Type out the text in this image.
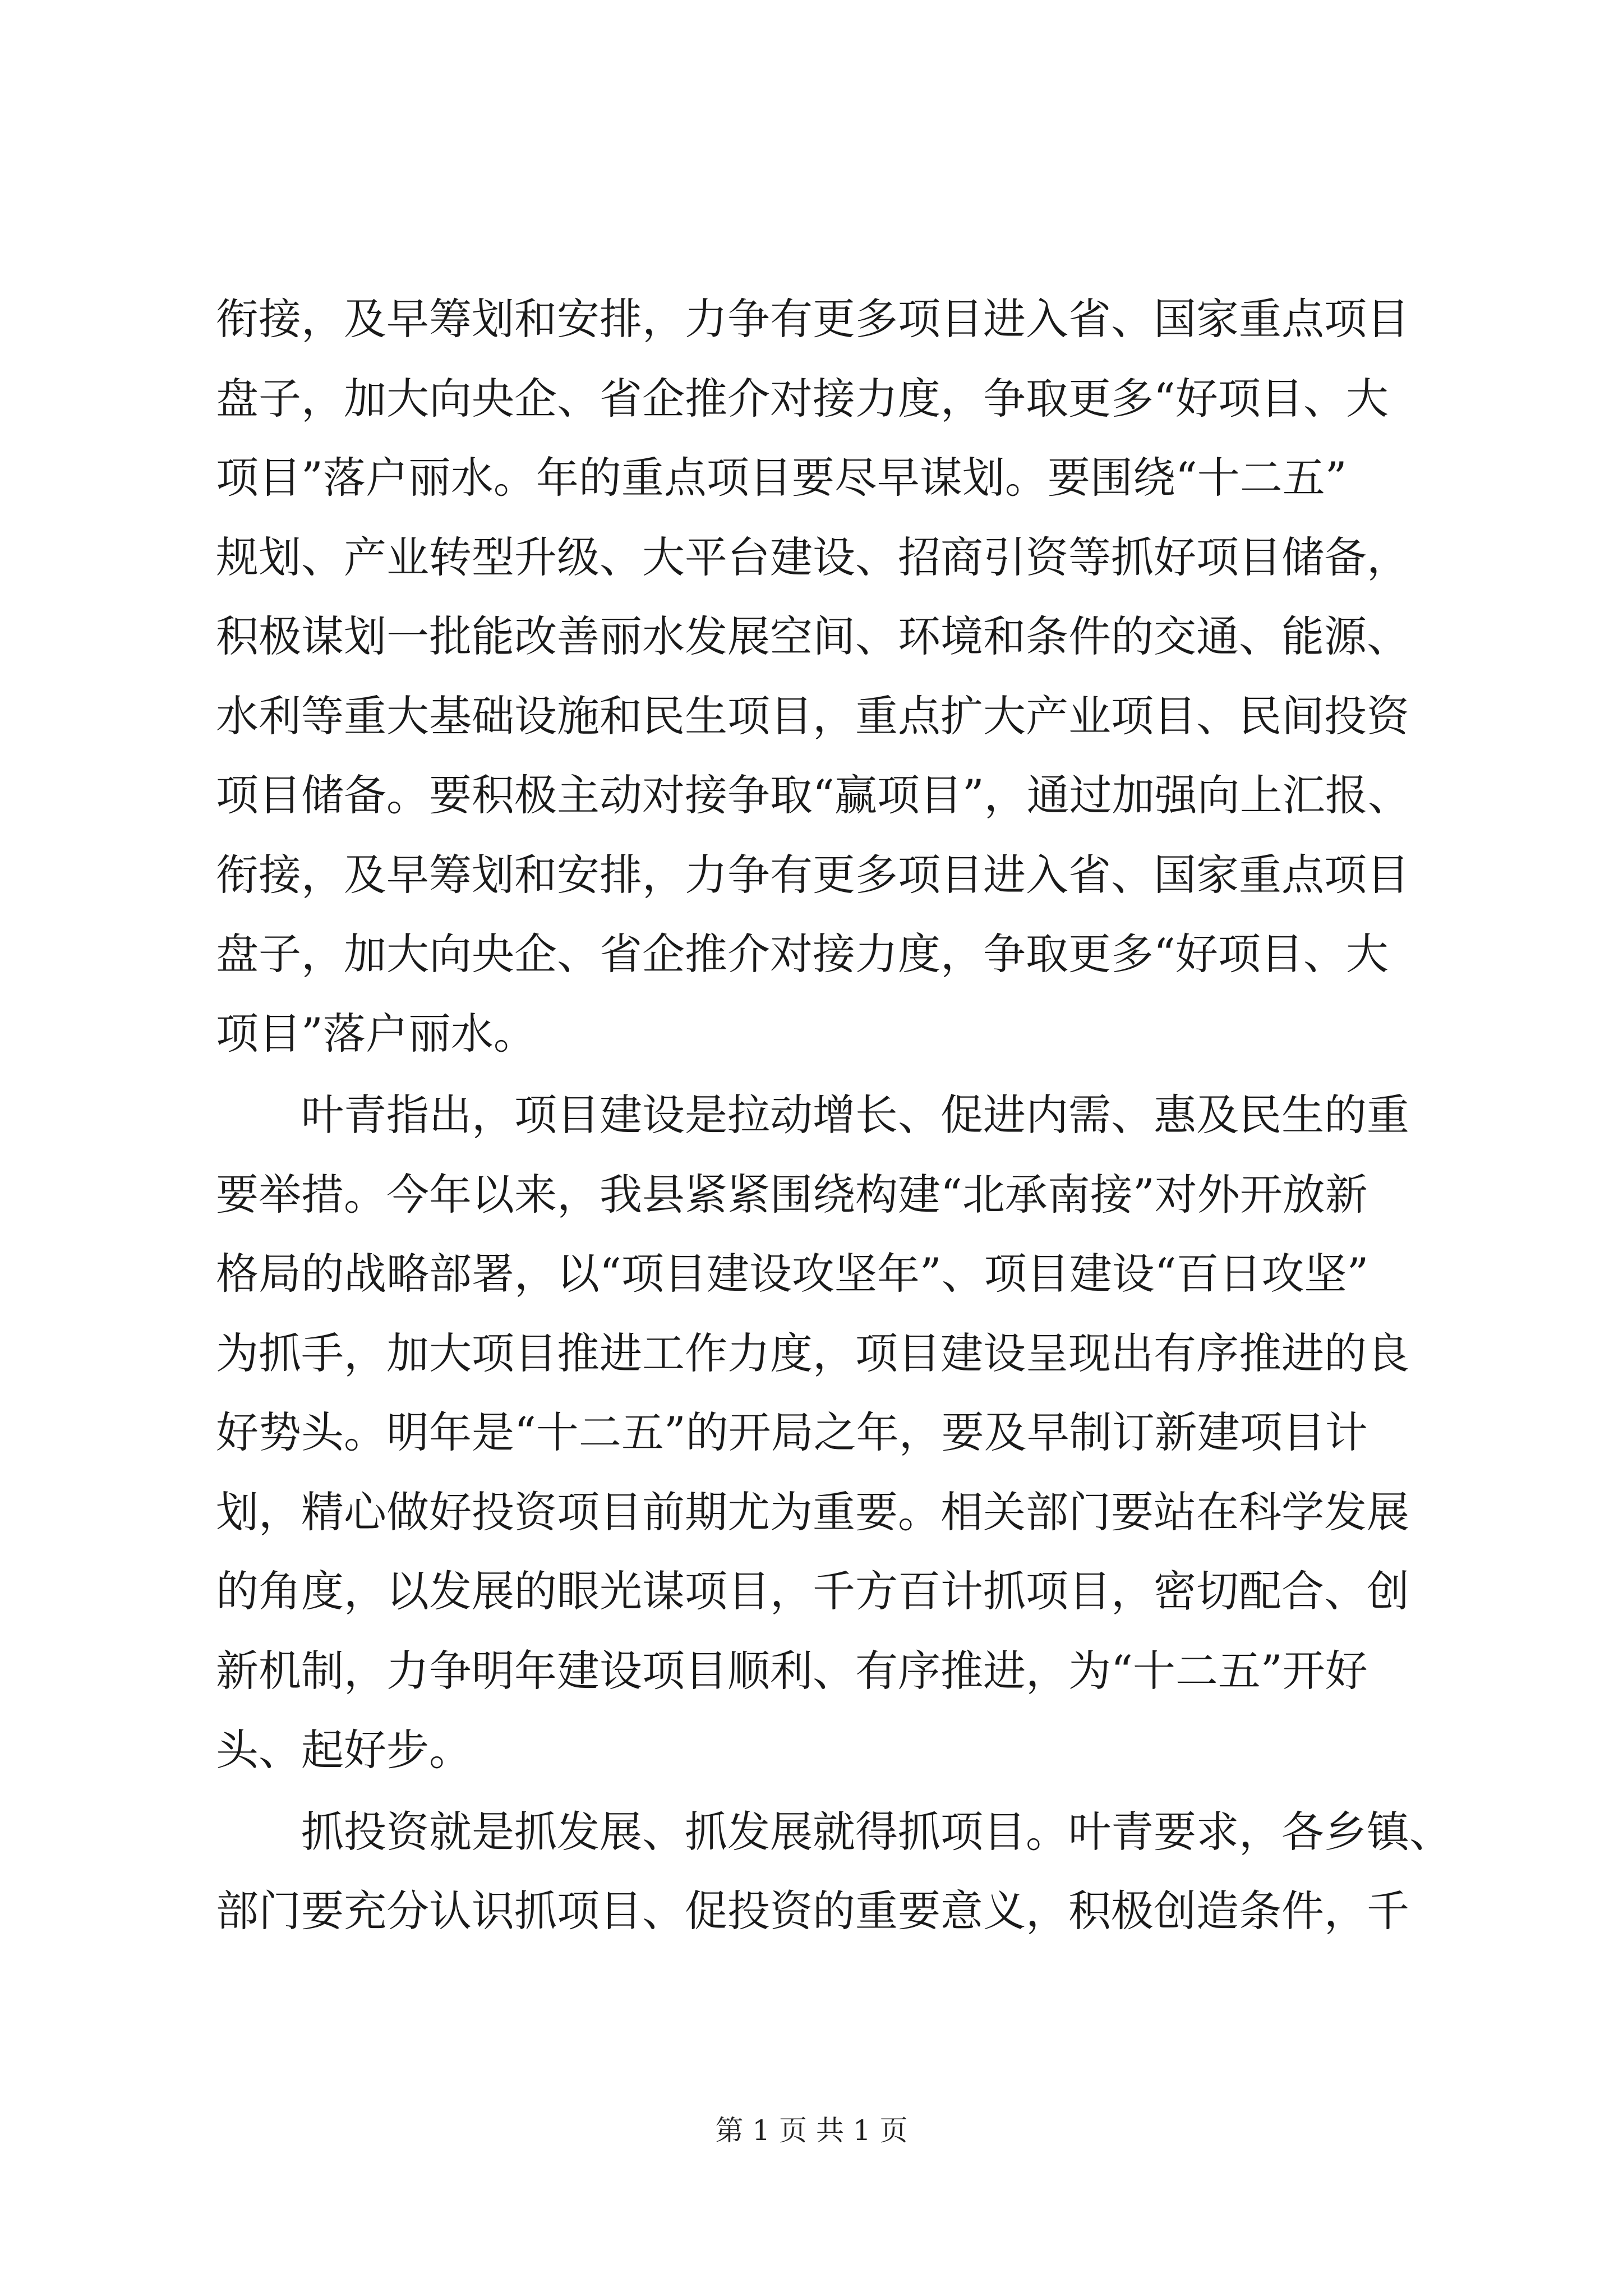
衔接，及早筹划和安排，力争有更多项目进入省、国家重点项目
盘子，加大向央企、省企推介对接力度，争取更多“好项目、大
项目”落户丽水。年的重点项目要尽早谋划。要围绕“十二五”
规划、产业转型升级、大平台建设、招商引资等抓好项目储备，
积极谋划一批能改善丽水发展空间、环境和条件的交通、能源、
水利等重大基础设施和民生项目，重点扩大产业项目、民间投资
项目储备。要积极主动对接争取“赢项目”，通过加强向上汇报、
衔接，及早筹划和安排，力争有更多项目进入省、国家重点项目
盘子，加大向央企、省企推介对接力度，争取更多“好项目、大
项目”落户丽水。
叶青指出，项目建设是拉动增长、促进内需、惠及民生的重
要举措。今年以来，我县紧紧围绕构建“北承南接”对外开放新
格局的战略部署，以“项目建设攻坚年”、项目建设“百日攻坚”
为抓手，加大项目推进工作力度，项目建设呈现出有序推进的良
好势头。明年是“十二五”的开局之年，要及早制订新建项目计
划，精心做好投资项目前期尤为重要。相关部门要站在科学发展
的角度，以发展的眼光谋项目，千方百计抓项目，密切配合、创
新机制，力争明年建设项目顺利、有序推进，为“十二五”开好
头、起好步。
抓投资就是抓发展、抓发展就得抓项目。叶青要求，各乡镇、
部门要充分认识抓项目、促投资的重要意义，积极创造条件，千
第 1 页 共 1 页
